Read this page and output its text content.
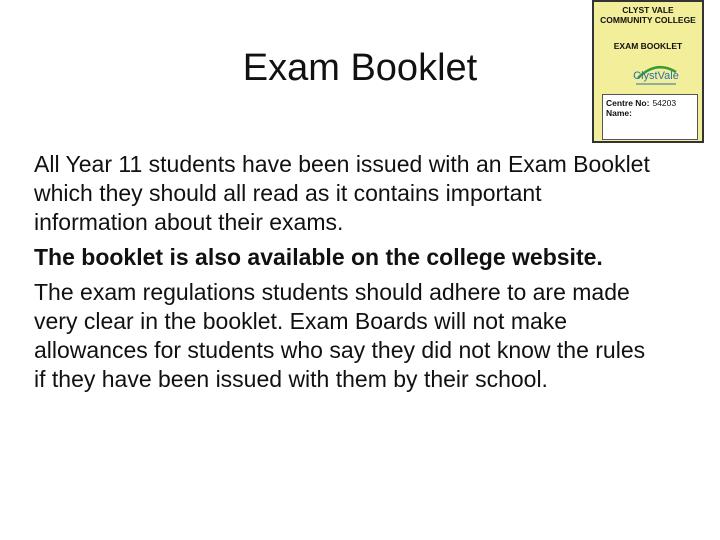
Exam Booklet
CLYST VALE
COMMUNITY COLLEGE
EXAM BOOKLET
ClystVale
Centre No: 54203
Name:

All Year 11 students have been issued with an Exam Booklet which they should all read as it contains important information about their exams.

The booklet is also available on the college website.

The exam regulations students should adhere to are made very clear in the booklet. Exam Boards will not make allowances for students who say they did not know the rules if they have been issued with them by their school.
